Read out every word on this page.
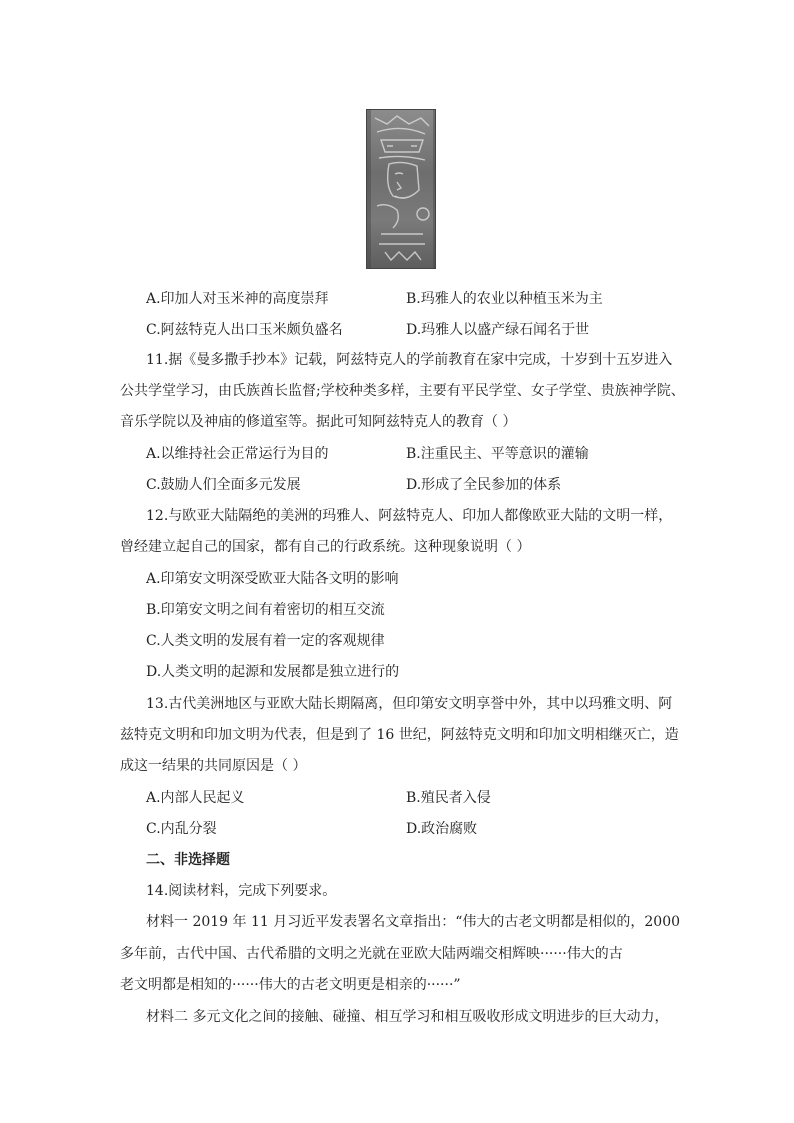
A.印加人对玉米神的高度崇拜	B.玛雅人的农业以种植玉米为主
C.阿兹特克人出口玉米颇负盛名	D.玛雅人以盛产绿石闻名于世
11.据《曼多撒手抄本》记载，阿兹特克人的学前教育在家中完成，十岁到十五岁进入
公共学堂学习，由氏族酋长监督;学校种类多样，主要有平民学堂、女子学堂、贵族神学院、
音乐学院以及神庙的修道室等。据此可知阿兹特克人的教育（ ）
A.以维持社会正常运行为目的	B.注重民主、平等意识的灌输
C.鼓励人们全面多元发展	D.形成了全民参加的体系
12.与欧亚大陆隔绝的美洲的玛雅人、阿兹特克人、印加人都像欧亚大陆的文明一样，
曾经建立起自己的国家，都有自己的行政系统。这种现象说明（ ）
A.印第安文明深受欧亚大陆各文明的影响
B.印第安文明之间有着密切的相互交流
C.人类文明的发展有着一定的客观规律
D.人类文明的起源和发展都是独立进行的
13.古代美洲地区与亚欧大陆长期隔离，但印第安文明享誉中外，其中以玛雅文明、阿
兹特克文明和印加文明为代表，但是到了 16 世纪，阿兹特克文明和印加文明相继灭亡，造
成这一结果的共同原因是（ ）
A.内部人民起义	B.殖民者入侵
C.内乱分裂	D.政治腐败
二、非选择题
14.阅读材料，完成下列要求。
材料一 2019 年 11 月习近平发表署名文章指出：“伟大的古老文明都是相似的，2000
多年前，古代中国、古代希腊的文明之光就在亚欧大陆两端交相辉映······伟大的古
老文明都是相知的······伟大的古老文明更是相亲的······”
材料二 多元文化之间的接触、碰撞、相互学习和相互吸收形成文明进步的巨大动力，
